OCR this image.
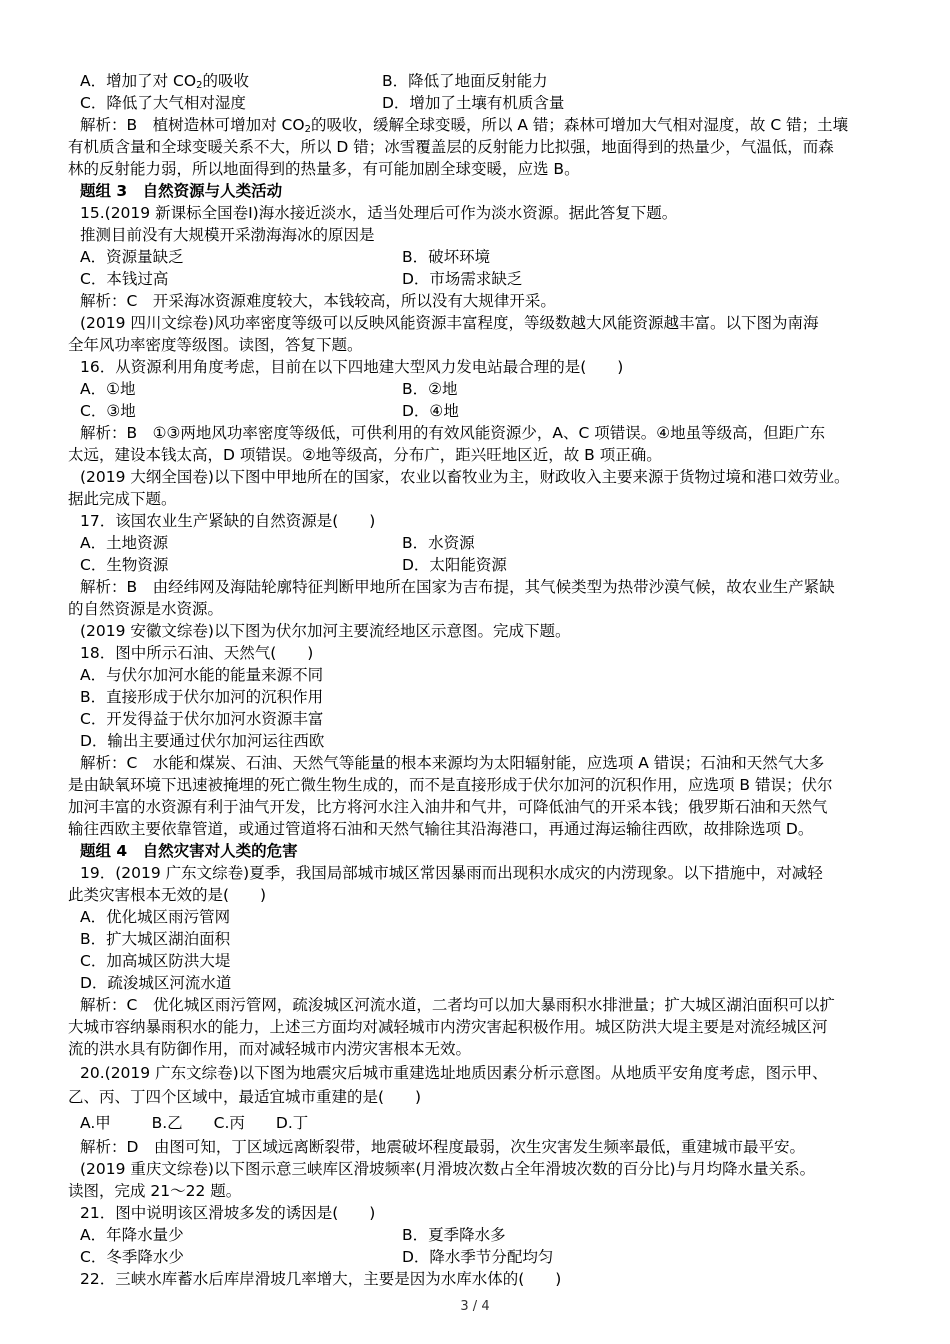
A．增加了对 $CO_2$的吸收	B．降低了地面反射能力
C．降低了大气相对湿度	D．增加了土壤有机质含量
解析：B　植树造林可增加对 $CO_2$的吸收，缓解全球变暖，所以 A 错；森林可增加大气相对湿度，故 C 错；土壤
有机质含量和全球变暖关系不大，所以 D 错；冰雪覆盖层的反射能力比拟强，地面得到的热量少，气温低，而森
林的反射能力弱，所以地面得到的热量多，有可能加剧全球变暖，应选 B。
题组 3　自然资源与人类活动
15.(2019 新课标全国卷Ⅰ)海水接近淡水，适当处理后可作为淡水资源。据此答复下题。
推测目前没有大规模开采渤海海冰的原因是
A．资源量缺乏	B．破坏环境
C．本钱过高	D．市场需求缺乏
解析：C　开采海冰资源难度较大，本钱较高，所以没有大规律开采。
(2019 四川文综卷)风功率密度等级可以反映风能资源丰富程度，等级数越大风能资源越丰富。以下图为南海
全年风功率密度等级图。读图，答复下题。
16．从资源利用角度考虑，目前在以下四地建大型风力发电站最合理的是(　　)
A．①地	B．②地
C．③地	D．④地
解析：B　①③两地风功率密度等级低，可供利用的有效风能资源少，A、C 项错误。④地虽等级高，但距广东
太远，建设本钱太高，D 项错误。②地等级高，分布广，距兴旺地区近，故 B 项正确。
(2019 大纲全国卷)以下图中甲地所在的国家，农业以畜牧业为主，财政收入主要来源于货物过境和港口效劳业。
据此完成下题。
17．该国农业生产紧缺的自然资源是(　　)
A．土地资源	B．水资源
C．生物资源	D．太阳能资源
解析：B　由经纬网及海陆轮廓特征判断甲地所在国家为吉布提，其气候类型为热带沙漠气候，故农业生产紧缺
的自然资源是水资源。
(2019 安徽文综卷)以下图为伏尔加河主要流经地区示意图。完成下题。
18．图中所示石油、天然气(　　)
A．与伏尔加河水能的能量来源不同
B．直接形成于伏尔加河的沉积作用
C．开发得益于伏尔加河水资源丰富
D．输出主要通过伏尔加河运往西欧
解析：C　水能和煤炭、石油、天然气等能量的根本来源均为太阳辐射能，应选项 A 错误；石油和天然气大多
是由缺氧环境下迅速被掩埋的死亡微生物生成的，而不是直接形成于伏尔加河的沉积作用，应选项 B 错误；伏尔
加河丰富的水资源有利于油气开发，比方将河水注入油井和气井，可降低油气的开采本钱；俄罗斯石油和天然气
输往西欧主要依靠管道，或通过管道将石油和天然气输往其沿海港口，再通过海运输往西欧，故排除选项 D。
题组 4　自然灾害对人类的危害
19．(2019 广东文综卷)夏季，我国局部城市城区常因暴雨而出现积水成灾的内涝现象。以下措施中，对减轻
此类灾害根本无效的是(　　)
A．优化城区雨污管网
B．扩大城区湖泊面积
C．加高城区防洪大堤
D．疏浚城区河流水道
解析：C　优化城区雨污管网，疏浚城区河流水道，二者均可以加大暴雨积水排泄量；扩大城区湖泊面积可以扩
大城市容纳暴雨积水的能力，上述三方面均对减轻城市内涝灾害起积极作用。城区防洪大堤主要是对流经城区河
流的洪水具有防御作用，而对减轻城市内涝灾害根本无效。
20.(2019 广东文综卷)以下图为地震灾后城市重建选址地质因素分析示意图。从地质平安角度考虑，图示甲、
乙、丙、丁四个区域中，最适宜城市重建的是(　　)
A.甲　　  B.乙　　C.丙　　D.丁
解析：D　由图可知，丁区域远离断裂带，地震破坏程度最弱，次生灾害发生频率最低，重建城市最平安。
(2019 重庆文综卷)以下图示意三峡库区滑坡频率(月滑坡次数占全年滑坡次数的百分比)与月均降水量关系。
读图，完成 21～22 题。
21．图中说明该区滑坡多发的诱因是(　　)
A．年降水量少	B．夏季降水多
C．冬季降水少	D．降水季节分配均匀
22．三峡水库蓄水后库岸滑坡几率增大，主要是因为水库水体的(　　)
3 / 4
